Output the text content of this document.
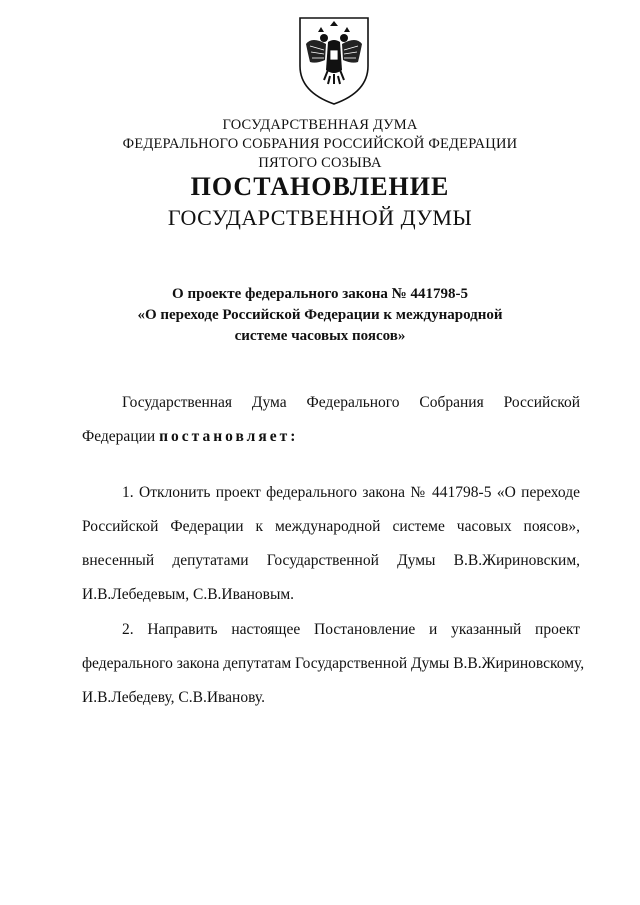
ГОСУДАРСТВЕННАЯ ДУМА
ФЕДЕРАЛЬНОГО СОБРАНИЯ РОССИЙСКОЙ ФЕДЕРАЦИИ
ПЯТОГО СОЗЫВА
ПОСТАНОВЛЕНИЕ
ГОСУДАРСТВЕННОЙ ДУМЫ
О проекте федерального закона № 441798-5
«О переходе Российской Федерации к международной
системе часовых поясов»
Государственная Дума Федерального Собрания Российской
Федерации постановляет:
1. Отклонить проект федерального закона № 441798-5 «О переходе
Российской Федерации к международной системе часовых поясов»,
внесенный депутатами Государственной Думы В.В.Жириновским,
И.В.Лебедевым, С.В.Ивановым.
2. Направить настоящее Постановление и указанный проект
федерального закона депутатам Государственной Думы В.В.Жириновскому,
И.В.Лебедеву, С.В.Иванову.
